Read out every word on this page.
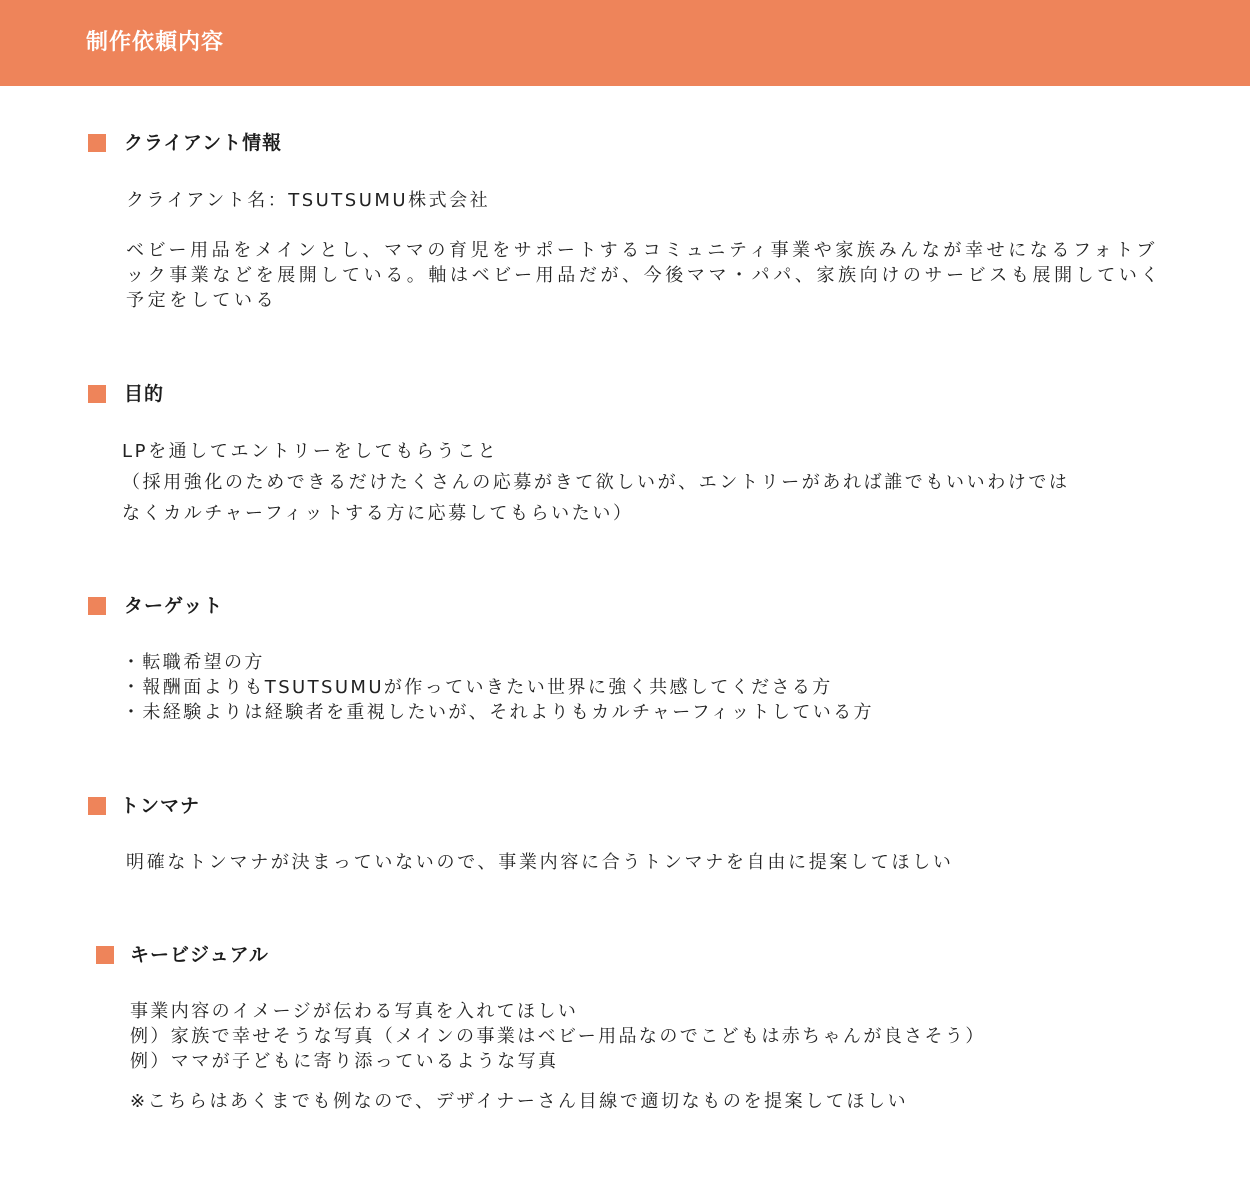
制作依頼内容
クライアント情報

クライアント名：TSUTSUMU株式会社

ベビー用品をメインとし、ママの育児をサポートするコミュニティ事業や家族みんなが幸せになるフォトブック事業などを展開している。軸はベビー用品だが、今後ママ・パパ、家族向けのサービスも展開していく予定をしている

目的
LPを通してエントリーをしてもらうこと
（採用強化のためできるだけたくさんの応募がきて欲しいが、エントリーがあれば誰でもいいわけでは
なくカルチャーフィットする方に応募してもらいたい）
ターゲット
・転職希望の方
・報酬面よりもTSUTSUMUが作っていきたい世界に強く共感してくださる方
・未経験よりは経験者を重視したいが、それよりもカルチャーフィットしている方
トンマナ

明確なトンマナが決まっていないので、事業内容に合うトンマナを自由に提案してほしい

キービジュアル
事業内容のイメージが伝わる写真を入れてほしい
例）家族で幸せそうな写真（メインの事業はベビー用品なのでこどもは赤ちゃんが良さそう）
例）ママが子どもに寄り添っているような写真

※こちらはあくまでも例なので、デザイナーさん目線で適切なものを提案してほしい
